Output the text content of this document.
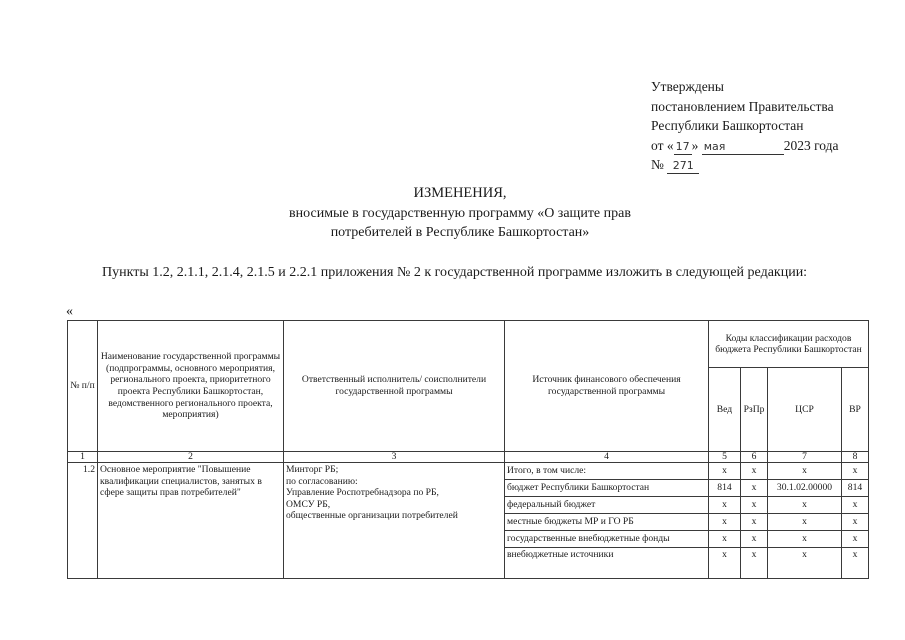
Утверждены
постановлением Правительства
Республики Башкортостан
от « 17 » мая	2023 года
№ 271
ИЗМЕНЕНИЯ,
вносимые в государственную программу «О защите прав
потребителей в Республике Башкортостан»
Пункты 1.2, 2.1.1, 2.1.4, 2.1.5 и 2.2.1 приложения № 2 к государственной программе изложить в следующей редакции:
«
№ п/п	Наименование государственной программы (подпрограммы, основного мероприятия, регионального проекта, приоритетного проекта Республики Башкортостан, ведомственного регионального проекта, мероприятия)	Ответственный исполнитель/ соисполнители государственной программы	Источник финансового обеспечения государственной программы	Коды классификации расходов бюджета Республики Башкортостан			
				Вед	РзПр	ЦСР	ВР
1	2	3	4	5	6	7	8
1.2	Основное мероприятие "Повышение квалификации специалистов, занятых в сфере защиты прав потребителей"	Минторг РБ;
по согласованию:
Управление Роспотребнадзора по РБ,
ОМСУ РБ,
общественные организации потребителей	Итого, в том числе:	x	x	x	x
			бюджет Республики Башкортостан	814	x	30.1.02.00000	814
			федеральный бюджет	x	x	x	x
			местные бюджеты МР и ГО РБ	x	x	x	x
			государственные внебюджетные фонды	x	x	x	x
			внебюджетные источники	x	x	x	x
